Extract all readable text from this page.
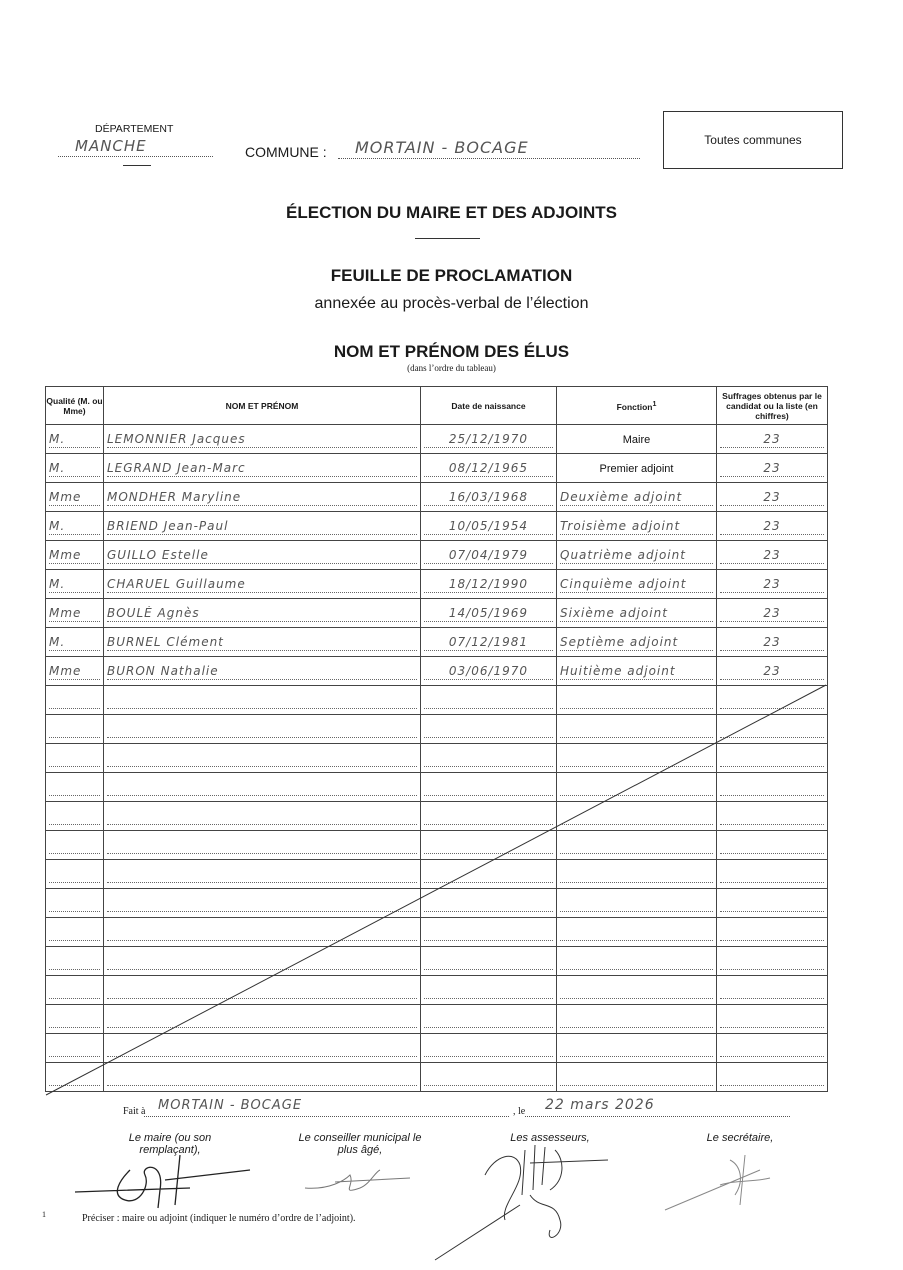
DÉPARTEMENT
MANCHE	COMMUNE : MORTAIN - BOCAGE	Toutes communes
ÉLECTION DU MAIRE ET DES ADJOINTS
FEUILLE DE PROCLAMATION
annexée au procès-verbal de l’élection
NOM ET PRÉNOM DES ÉLUS
(dans l’ordre du tableau)
Qualité (M. ou Mme)	NOM ET PRÉNOM	Date de naissance	Fonction$^1$	Suffrages obtenus par le candidat ou la liste (en chiffres)

M.	LEMONNIER Jacques	25/12/1970	Maire	23

M.	LEGRAND Jean-Marc	08/12/1965	Premier adjoint	23

Mme	MONDHER Maryline	16/03/1968	Deuxième adjoint	23

M.	BRIEND Jean-Paul	10/05/1954	Troisième adjoint	23

Mme	GUILLO Estelle	07/04/1979	Quatrième adjoint	23

M.	CHARUEL Guillaume	18/12/1990	Cinquième adjoint	23

Mme	BOULÉ Agnès	14/05/1969	Sixième adjoint	23

M.	BURNEL Clément	07/12/1981	Septième adjoint	23

Mme	BURON Nathalie	03/06/1970	Huitième adjoint	23

Fait à MORTAIN - BOCAGE	, le 22 mars 2026
Le maire (ou son remplaçant),
Le conseiller municipal le plus âgé,
Les assesseurs,	Le secrétaire,
1	Préciser : maire ou adjoint (indiquer le numéro d’ordre de l’adjoint).
